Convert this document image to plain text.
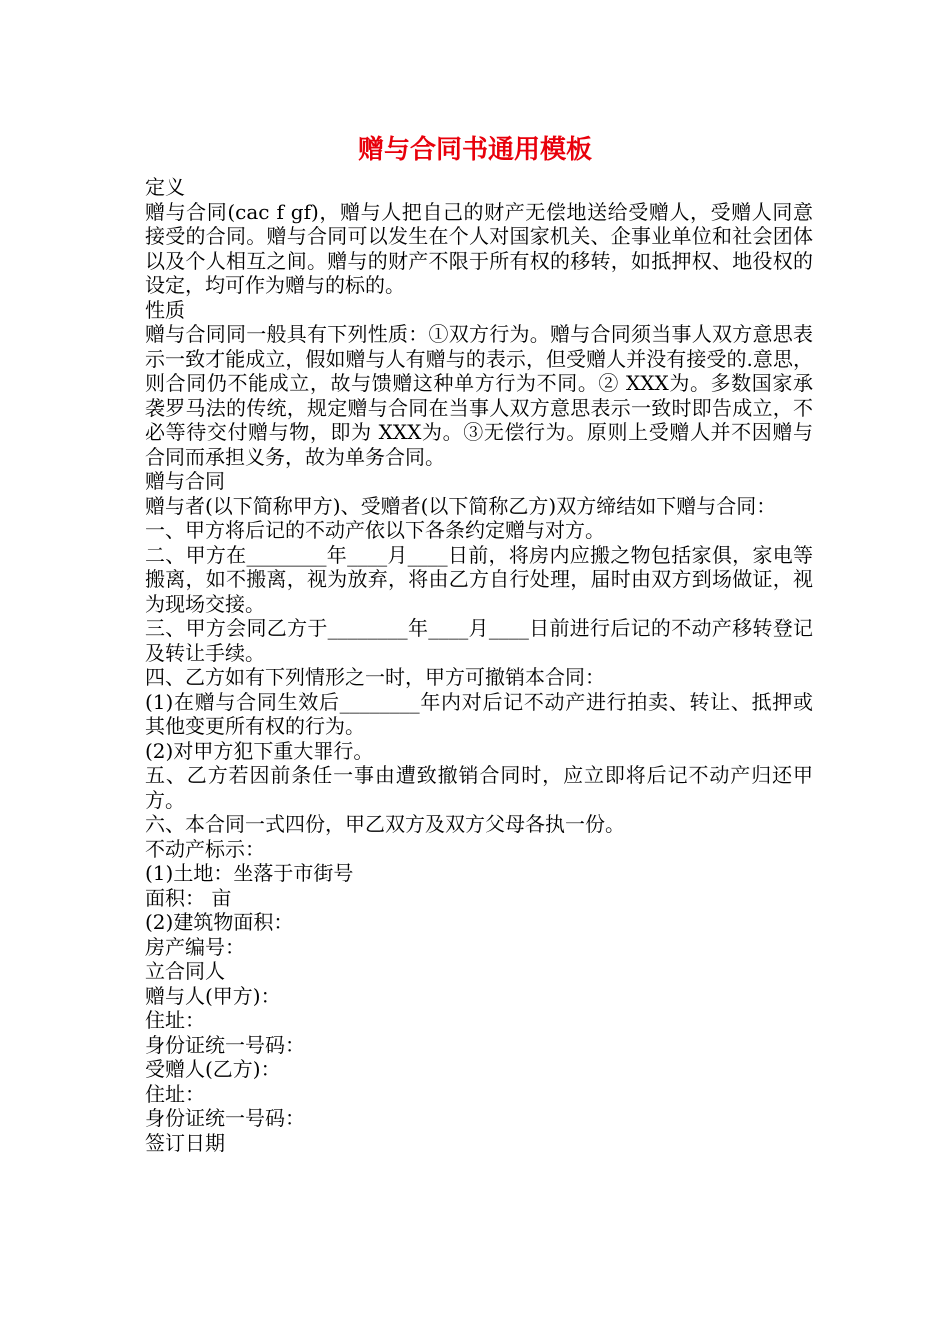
赠与合同书通用模板

定义

赠与合同(cac f gf)，赠与人把自己的财产无偿地送给受赠人，受赠人同意接受的合同。赠与合同可以发生在个人对国家机关、企事业单位和社会团体以及个人相互之间。赠与的财产不限于所有权的移转，如抵押权、地役权的设定，均可作为赠与的标的。

性质

赠与合同同一般具有下列性质：①双方行为。赠与合同须当事人双方意思表示一致才能成立，假如赠与人有赠与的表示，但受赠人并没有接受的.意思，则合同仍不能成立，故与馈赠这种单方行为不同。② XXX为。多数国家承袭罗马法的传统，规定赠与合同在当事人双方意思表示一致时即告成立，不必等待交付赠与物，即为 XXX为。③无偿行为。原则上受赠人并不因赠与合同而承担义务，故为单务合同。

赠与合同

赠与者(以下简称甲方)、受赠者(以下简称乙方)双方缔结如下赠与合同：

一、甲方将后记的不动产依以下各条约定赠与对方。

二、甲方在________年____月____日前，将房内应搬之物包括家俱，家电等搬离，如不搬离，视为放弃，将由乙方自行处理，届时由双方到场做证，视为现场交接。

三、甲方会同乙方于________年____月____日前进行后记的不动产移转登记及转让手续。

四、乙方如有下列情形之一时，甲方可撤销本合同：

(1)在赠与合同生效后________年内对后记不动产进行拍卖、转让、抵押或其他变更所有权的行为。

(2)对甲方犯下重大罪行。

五、乙方若因前条任一事由遭致撤销合同时，应立即将后记不动产归还甲方。

六、本合同一式四份，甲乙双方及双方父母各执一份。

不动产标示：

(1)土地：坐落于市街号

面积： 亩

(2)建筑物面积：

房产编号：

立合同人

赠与人(甲方)：

住址：

身份证统一号码：

受赠人(乙方)：

住址：

身份证统一号码：

签订日期
